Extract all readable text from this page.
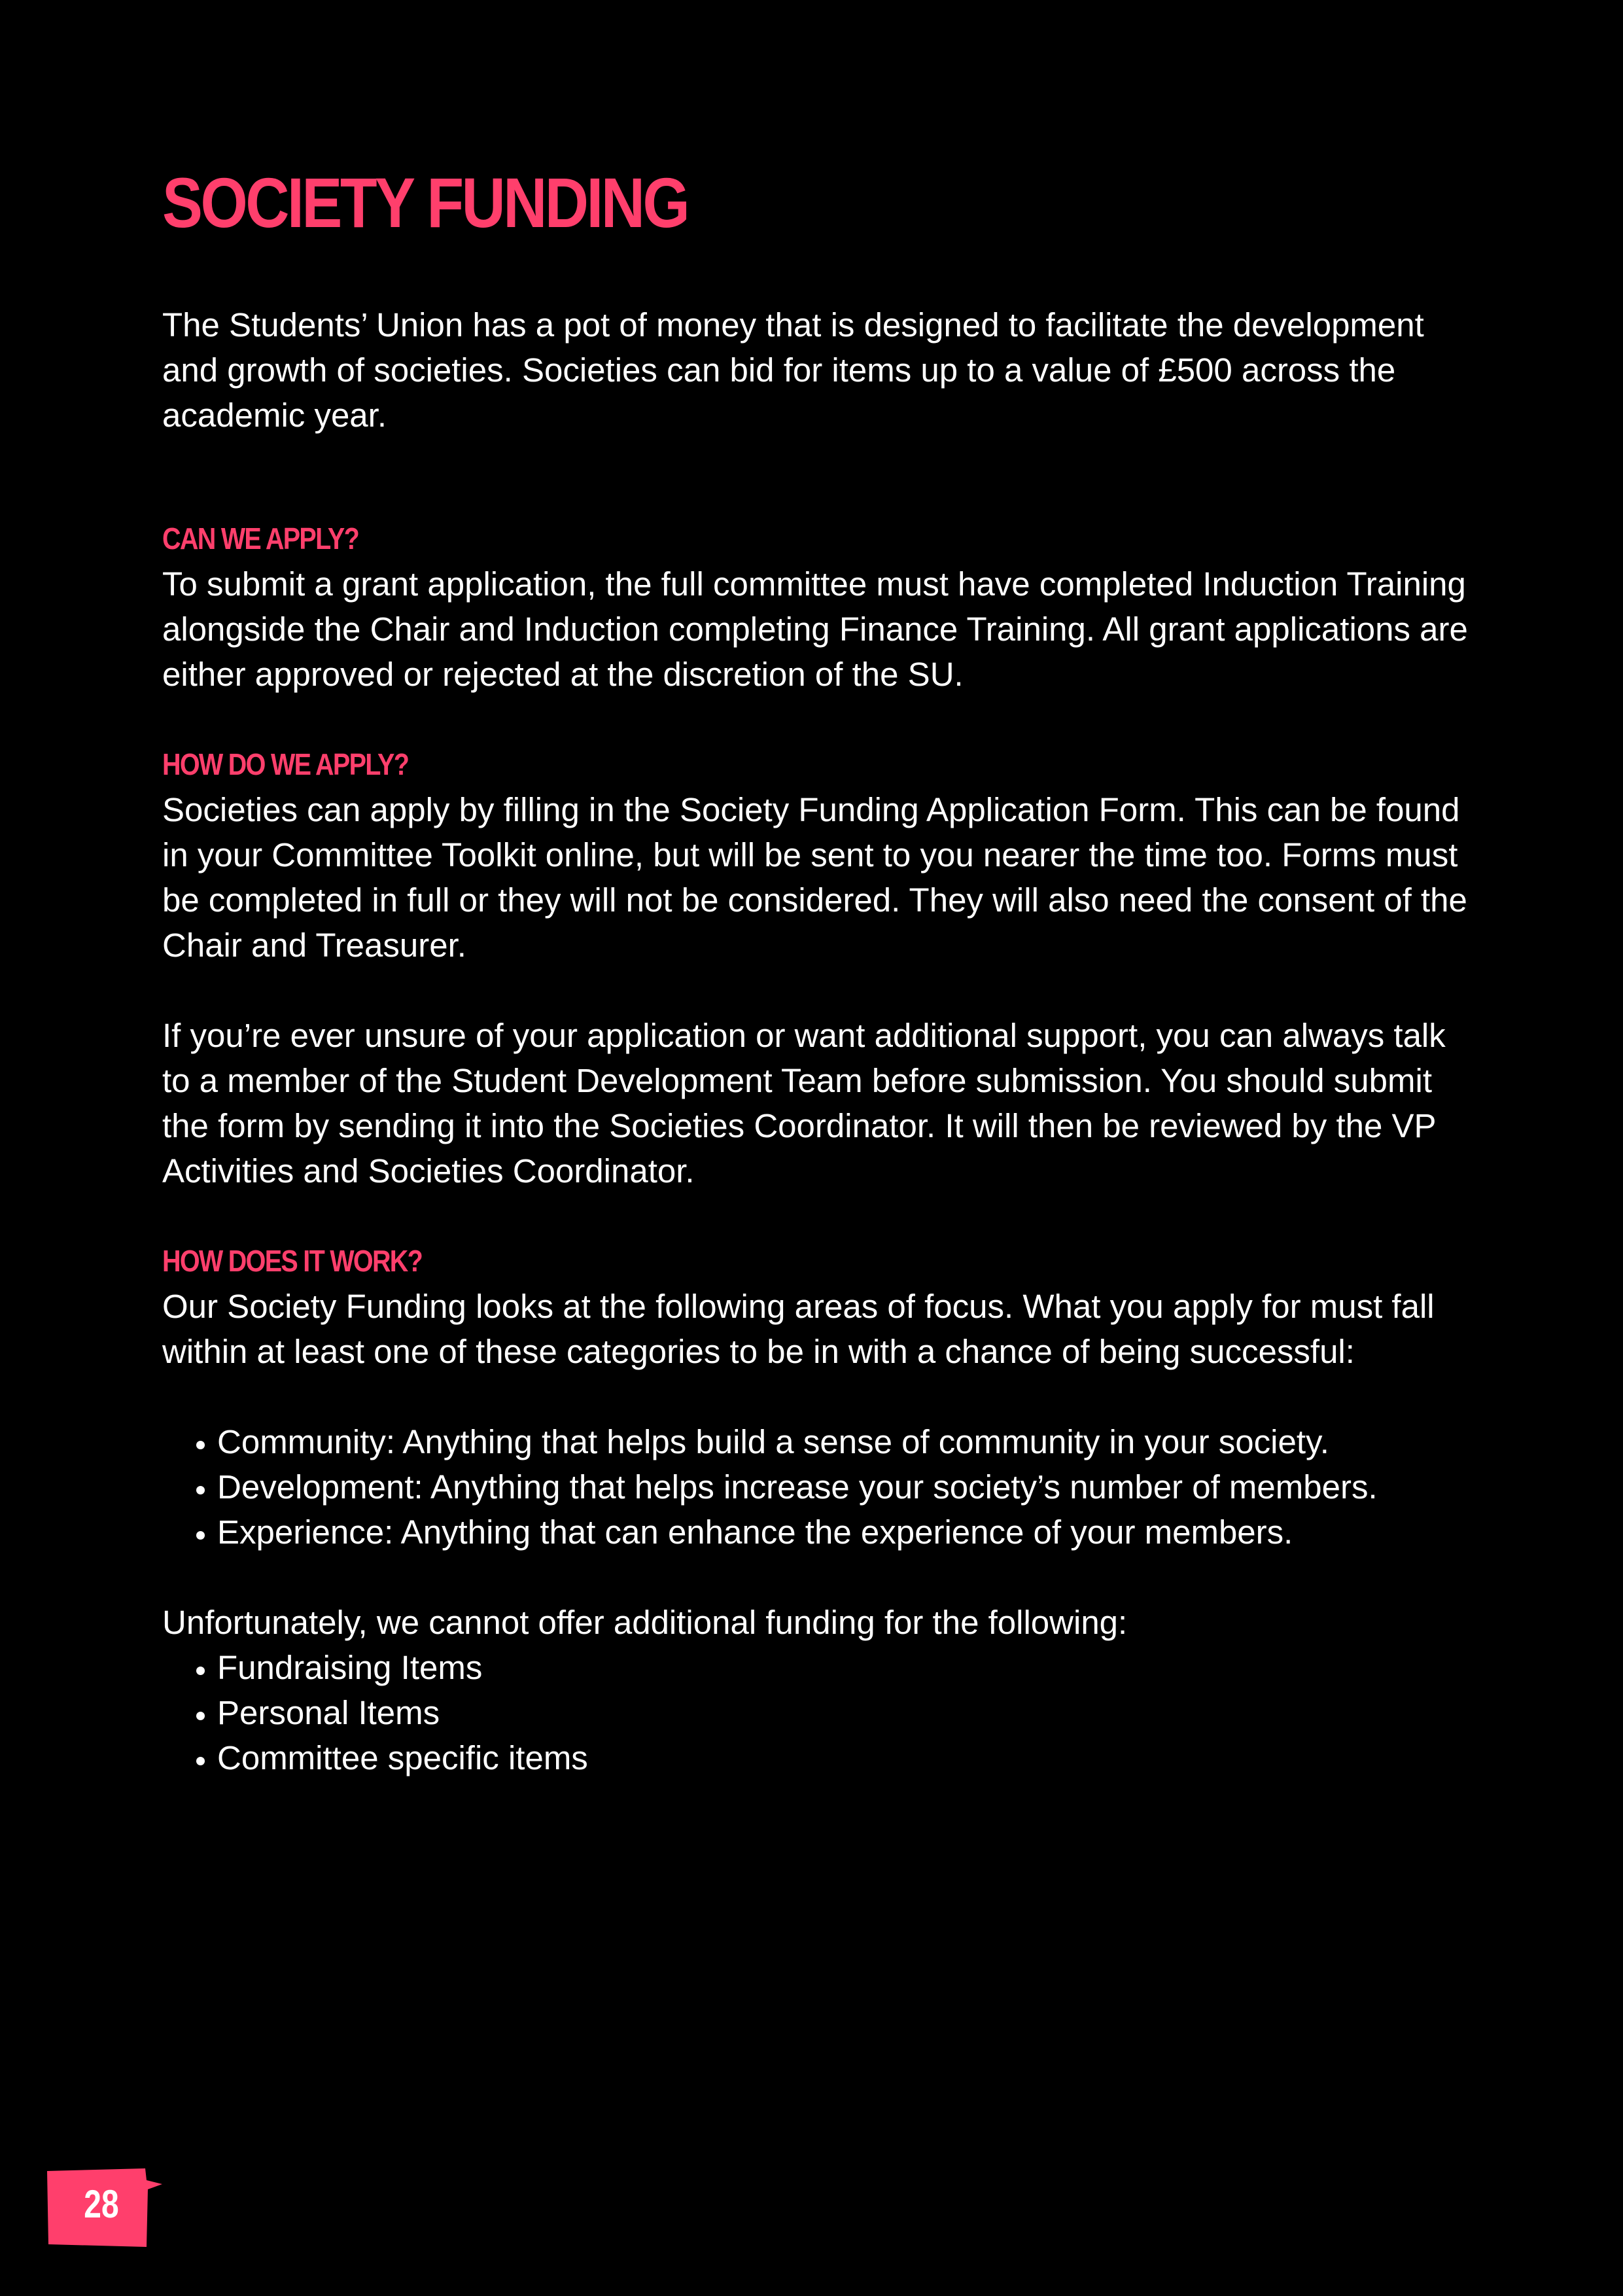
SOCIETY FUNDING

The Students’ Union has a pot of money that is designed to facilitate the development and growth of societies. Societies can bid for items up to a value of £500 across the academic year.

CAN WE APPLY?

To submit a grant application, the full committee must have completed Induction Training alongside the Chair and Induction completing Finance Training. All grant applications are either approved or rejected at the discretion of the SU.

HOW DO WE APPLY?

Societies can apply by filling in the Society Funding Application Form. This can be found in your Committee Toolkit online, but will be sent to you nearer the time too. Forms must be completed in full or they will not be considered. They will also need the consent of the Chair and Treasurer.

If you’re ever unsure of your application or want additional support, you can always talk to a member of the Student Development Team before submission. You should submit the form by sending it into the Societies Coordinator. It will then be reviewed by the VP Activities and Societies Coordinator.

HOW DOES IT WORK?

Our Society Funding looks at the following areas of focus. What you apply for must fall within at least one of these categories to be in with a chance of being successful:

• Community: Anything that helps build a sense of community in your society.
• Development: Anything that helps increase your society’s number of members.
• Experience: Anything that can enhance the experience of your members.

Unfortunately, we cannot offer additional funding for the following:

• Fundraising Items
• Personal Items
• Committee specific items
28
